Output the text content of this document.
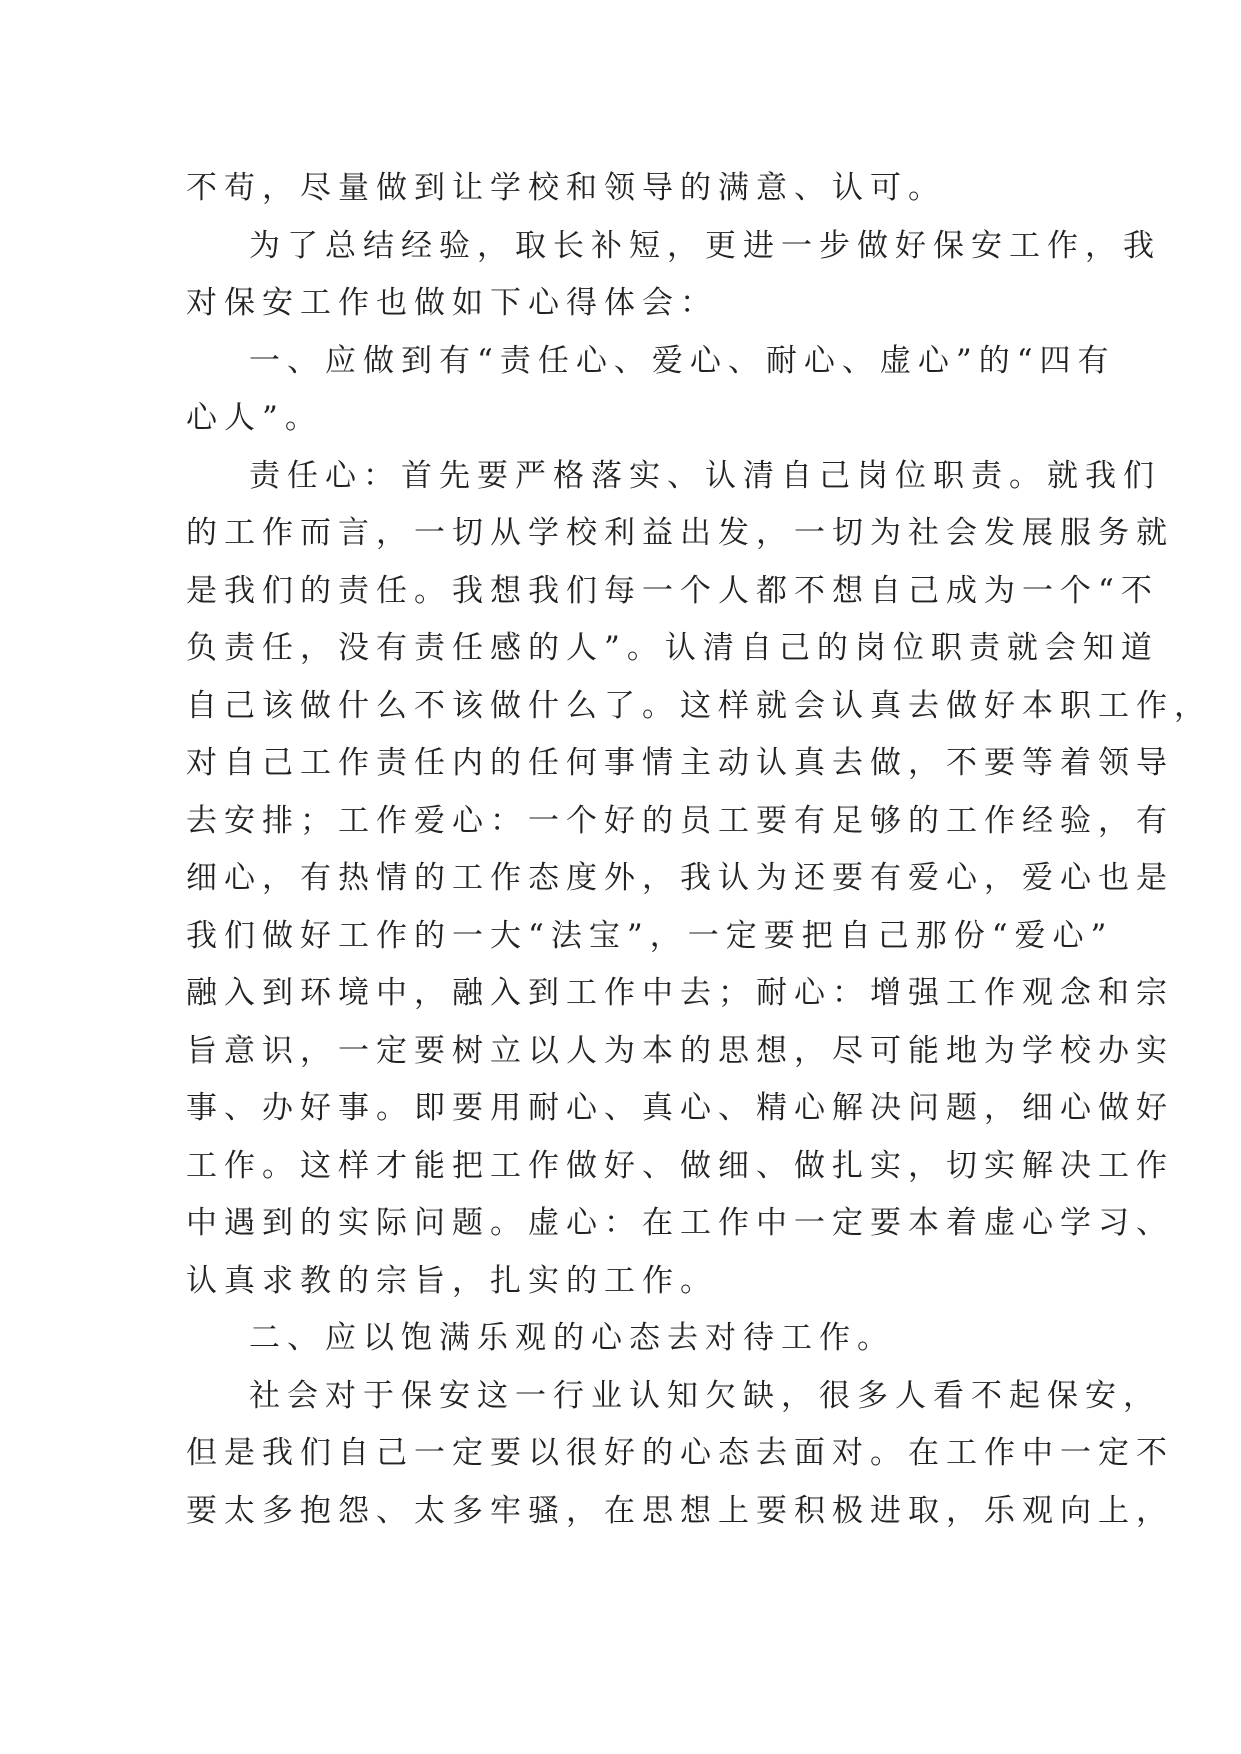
不苟，尽量做到让学校和领导的满意、认可。
为了总结经验，取长补短，更进一步做好保安工作，我
对保安工作也做如下心得体会：
一、应做到有“责任心、爱心、耐心、虚心”的“四有
心人”。
责任心：首先要严格落实、认清自己岗位职责。就我们
的工作而言，一切从学校利益出发，一切为社会发展服务就
是我们的责任。我想我们每一个人都不想自己成为一个“不
负责任，没有责任感的人”。认清自己的岗位职责就会知道
自己该做什么不该做什么了。这样就会认真去做好本职工作，
对自己工作责任内的任何事情主动认真去做，不要等着领导
去安排；工作爱心：一个好的员工要有足够的工作经验，有
细心，有热情的工作态度外，我认为还要有爱心，爱心也是
我们做好工作的一大“法宝”，一定要把自己那份“爱心”
融入到环境中，融入到工作中去；耐心：增强工作观念和宗
旨意识，一定要树立以人为本的思想，尽可能地为学校办实
事、办好事。即要用耐心、真心、精心解决问题，细心做好
工作。这样才能把工作做好、做细、做扎实，切实解决工作
中遇到的实际问题。虚心：在工作中一定要本着虚心学习、
认真求教的宗旨，扎实的工作。
二、应以饱满乐观的心态去对待工作。
社会对于保安这一行业认知欠缺，很多人看不起保安，
但是我们自己一定要以很好的心态去面对。在工作中一定不
要太多抱怨、太多牢骚，在思想上要积极进取，乐观向上，
